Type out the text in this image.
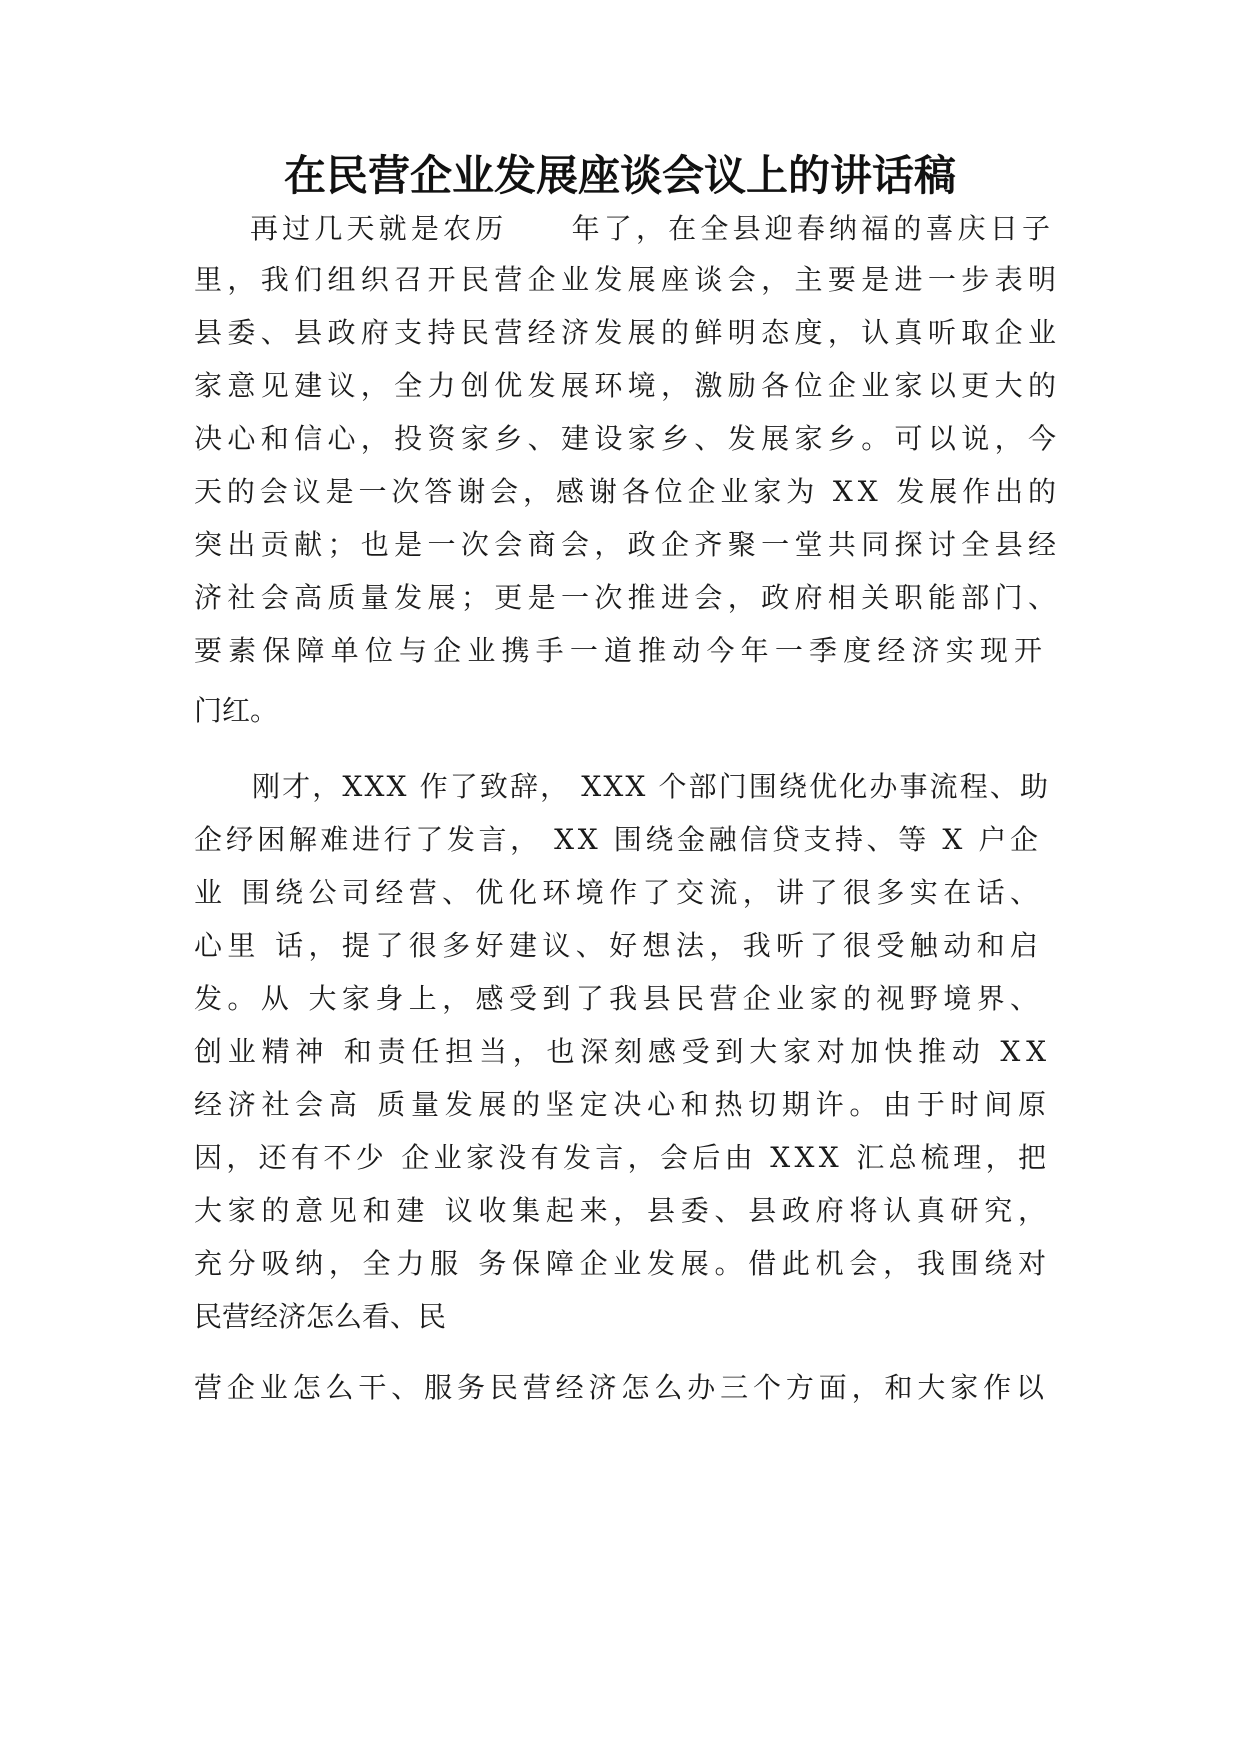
在民营企业发展座谈会议上的讲话稿
再过几天就是农历　　年了，在全县迎春纳福的喜庆日子
里，我们组织召开民营企业发展座谈会，主要是进一步表明
县委、县政府支持民营经济发展的鲜明态度，认真听取企业
家意见建议，全力创优发展环境，激励各位企业家以更大的
决心和信心，投资家乡、建设家乡、发展家乡。可以说，今
天的会议是一次答谢会，感谢各位企业家为 XX 发展作出的
突出贡献；也是一次会商会，政企齐聚一堂共同探讨全县经
济社会高质量发展；更是一次推进会，政府相关职能部门、
要素保障单位与企业携手一道推动今年一季度经济实现开
门红。
刚才，XXX 作了致辞， XXX 个部门围绕优化办事流程、助
企纾困解难进行了发言， XX 围绕金融信贷支持、等 X 户企
业 围绕公司经营、优化环境作了交流，讲了很多实在话、
心里 话，提了很多好建议、好想法，我听了很受触动和启
发。从 大家身上，感受到了我县民营企业家的视野境界、
创业精神 和责任担当，也深刻感受到大家对加快推动 XX
经济社会高 质量发展的坚定决心和热切期许。由于时间原
因，还有不少 企业家没有发言，会后由 XXX 汇总梳理，把
大家的意见和建 议收集起来，县委、县政府将认真研究，
充分吸纳，全力服 务保障企业发展。借此机会，我围绕对
民营经济怎么看、民
营企业怎么干、服务民营经济怎么办三个方面，和大家作以
